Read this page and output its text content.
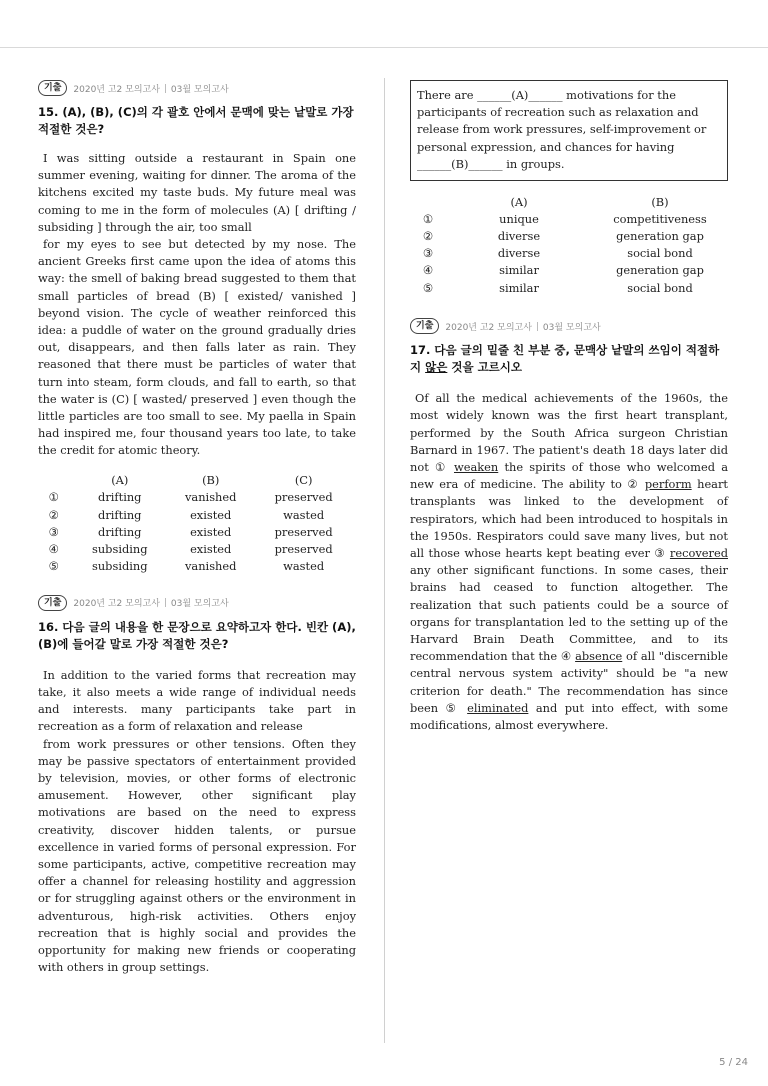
기출	2020년 고2 모의고사 03월 모의고사
15. (A), (B), (C)의 각 괄호 안에서 문맥에 맞는 낱말로 가장 적절한 것은?

I was sitting outside a restaurant in Spain one summer evening, waiting for dinner. The aroma of the kitchens excited my taste buds. My future meal was coming to me in the form of molecules (A) [ drifting / subsiding ] through the air, too small

for my eyes to see but detected by my nose. The ancient Greeks first came upon the idea of atoms this way: the smell of baking bread suggested to them that small particles of bread (B) [ existed/ vanished ] beyond vision. The cycle of weather reinforced this idea: a puddle of water on the ground gradually dries out, disappears, and then falls later as rain. They reasoned that there must be particles of water that turn into steam, form clouds, and fall to earth, so that the water is (C) [ wasted/ preserved ] even though the little particles are too small to see. My paella in Spain had inspired me, four thousand years too late, to take the credit for atomic theory.

	(A)	(B)	(C)
①	drifting	vanished	preserved
②	drifting	existed	wasted
③	drifting	existed	preserved
④	subsiding	existed	preserved
⑤	subsiding	vanished	wasted
기출	2020년 고2 모의고사 03월 모의고사
16. 다음 글의 내용을 한 문장으로 요약하고자 한다. 빈칸 (A), (B)에 들어갈 말로 가장 적절한 것은?

In addition to the varied forms that recreation may take, it also meets a wide range of individual needs and interests. many participants take part in recreation as a form of relaxation and release

from work pressures or other tensions. Often they may be passive spectators of entertainment provided by television, movies, or other forms of electronic amusement. However, other significant play motivations are based on the need to express creativity, discover hidden talents, or pursue excellence in varied forms of personal expression. For some participants, active, competitive recreation may offer a channel for releasing hostility and aggression or for struggling against others or the environment in adventurous, high-risk activities. Others enjoy recreation that is highly social and provides the opportunity for making new friends or cooperating with others in group settings.

There are ______(A)______ motivations for the participants of recreation such as relaxation and release from work pressures, self-improvement or personal expression, and chances for having ______(B)______ in groups.
	(A)	(B)
①	unique	competitiveness
②	diverse	generation gap
③	diverse	social bond
④	similar	generation gap
⑤	similar	social bond
기출	2020년 고2 모의고사 03월 모의고사
17. 다음 글의 밑줄 친 부분 중, 문맥상 낱말의 쓰임이 적절하지 않은 것을 고르시오

Of all the medical achievements of the 1960s, the most widely known was the first heart transplant, performed by the South Africa surgeon Christian Barnard in 1967. The patient's death 18 days later did not ① weaken the spirits of those who welcomed a new era of medicine. The ability to ② perform heart transplants was linked to the development of respirators, which had been introduced to hospitals in the 1950s. Respirators could save many lives, but not all those whose hearts kept beating ever ③ recovered any other significant functions. In some cases, their brains had ceased to function altogether. The realization that such patients could be a source of organs for transplantation led to the setting up of the Harvard Brain Death Committee, and to its recommendation that the ④ absence of all "discernible central nervous system activity" should be "a new criterion for death." The recommendation has since been ⑤ eliminated and put into effect, with some modifications, almost everywhere.

5 / 24
